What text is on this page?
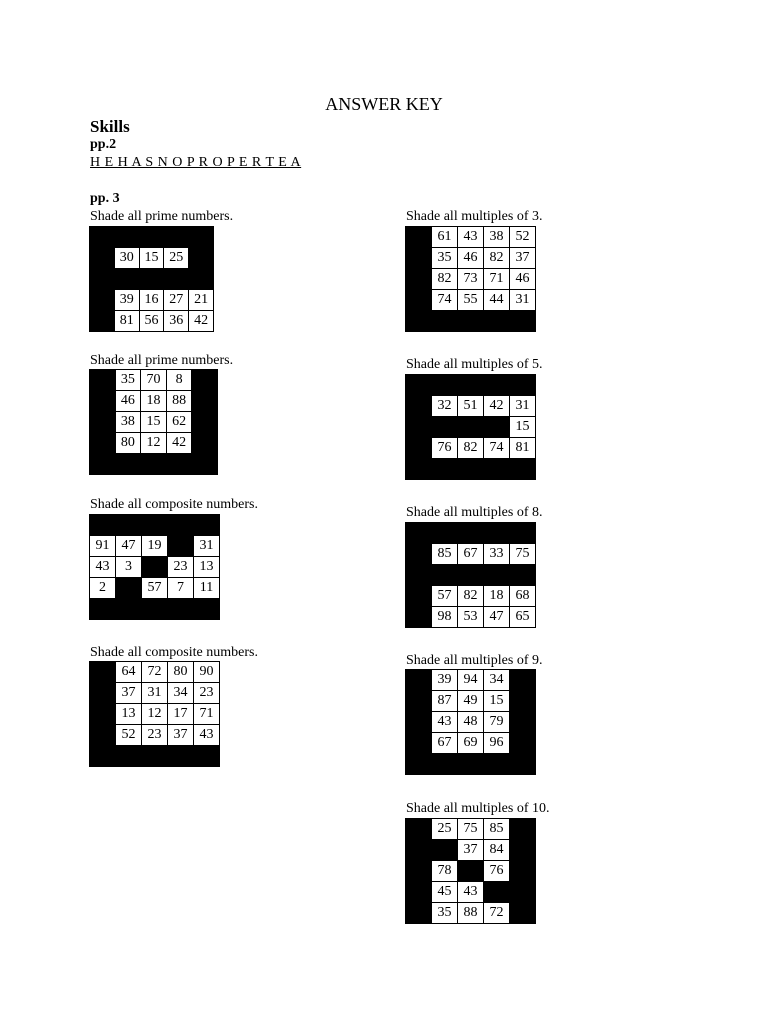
ANSWER KEY
Skills
pp.2
H E H A S N O P R O P E R T E A
pp. 3
Shade all prime numbers.

	30	15	25	

	39	16	27	21
	81	56	36	42
Shade all multiples of 3.
	61	43	38	52
	35	46	82	37
	82	73	71	46
	74	55	44	31

Shade all prime numbers.
	35	70	8	
	46	18	88	
	38	15	62	
	80	12	42	

Shade all multiples of 5.

	32	51	42	31
				15
	76	82	74	81

Shade all composite numbers.

91	47	19		31
43	3		23	13
2		57	7	11

Shade all multiples of 8.

	85	67	33	75

	57	82	18	68
	98	53	47	65
Shade all composite numbers.
	64	72	80	90
	37	31	34	23
	13	12	17	71
	52	23	37	43

Shade all multiples of 9.
	39	94	34	
	87	49	15	
	43	48	79	
	67	69	96	

Shade all multiples of 10.
	25	75	85	
		37	84	
	78		76	
	45	43		
	35	88	72	
